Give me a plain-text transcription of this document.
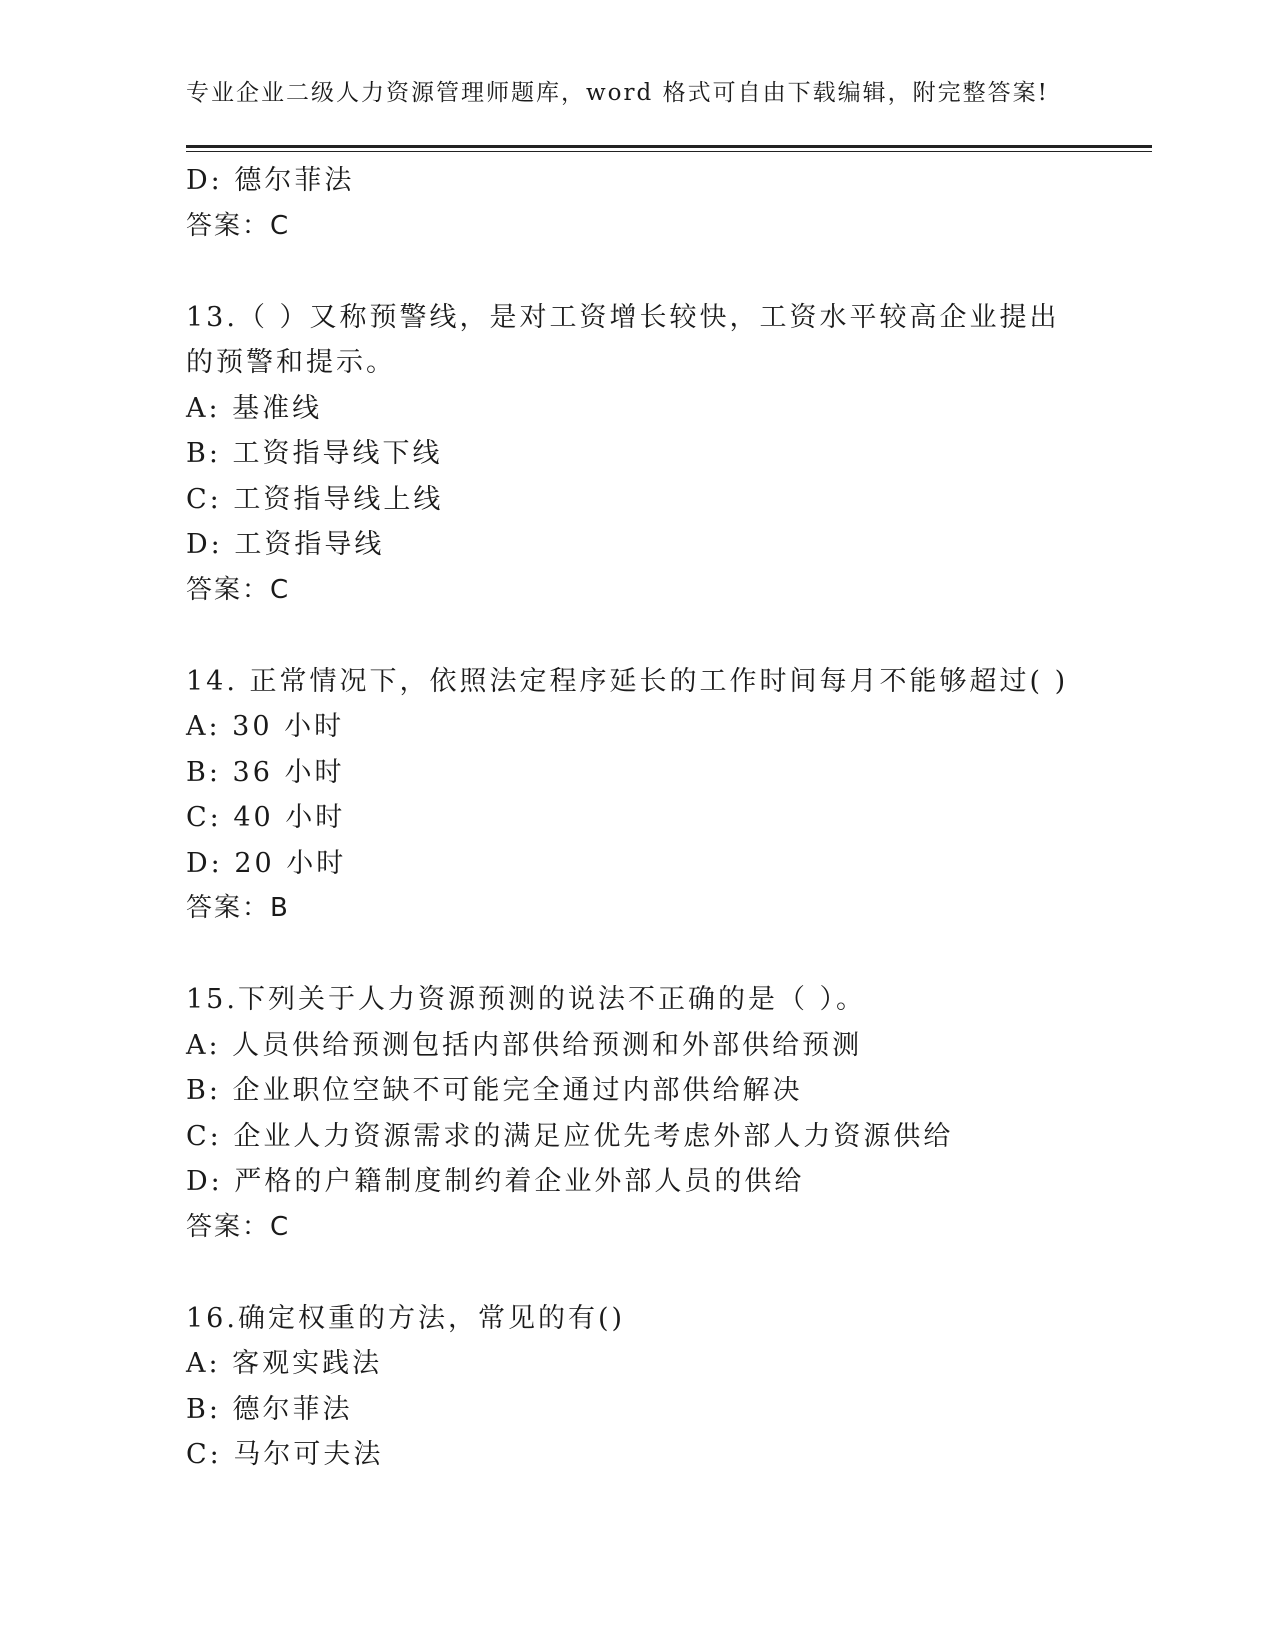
专业企业二级人力资源管理师题库，word 格式可自由下载编辑，附完整答案!
D: 德尔菲法
答案：C
13.（ ）又称预警线，是对工资增长较快，工资水平较高企业提出
的预警和提示。
A: 基准线
B: 工资指导线下线
C: 工资指导线上线
D: 工资指导线
答案：C
14. 正常情况下，依照法定程序延长的工作时间每月不能够超过( )
A: 30 小时
B: 36 小时
C: 40 小时
D: 20 小时
答案：B
15.下列关于人力资源预测的说法不正确的是（ ）。
A: 人员供给预测包括内部供给预测和外部供给预测
B: 企业职位空缺不可能完全通过内部供给解决
C: 企业人力资源需求的满足应优先考虑外部人力资源供给
D: 严格的户籍制度制约着企业外部人员的供给
答案：C
16.确定权重的方法，常见的有()
A: 客观实践法
B: 德尔菲法
C: 马尔可夫法
